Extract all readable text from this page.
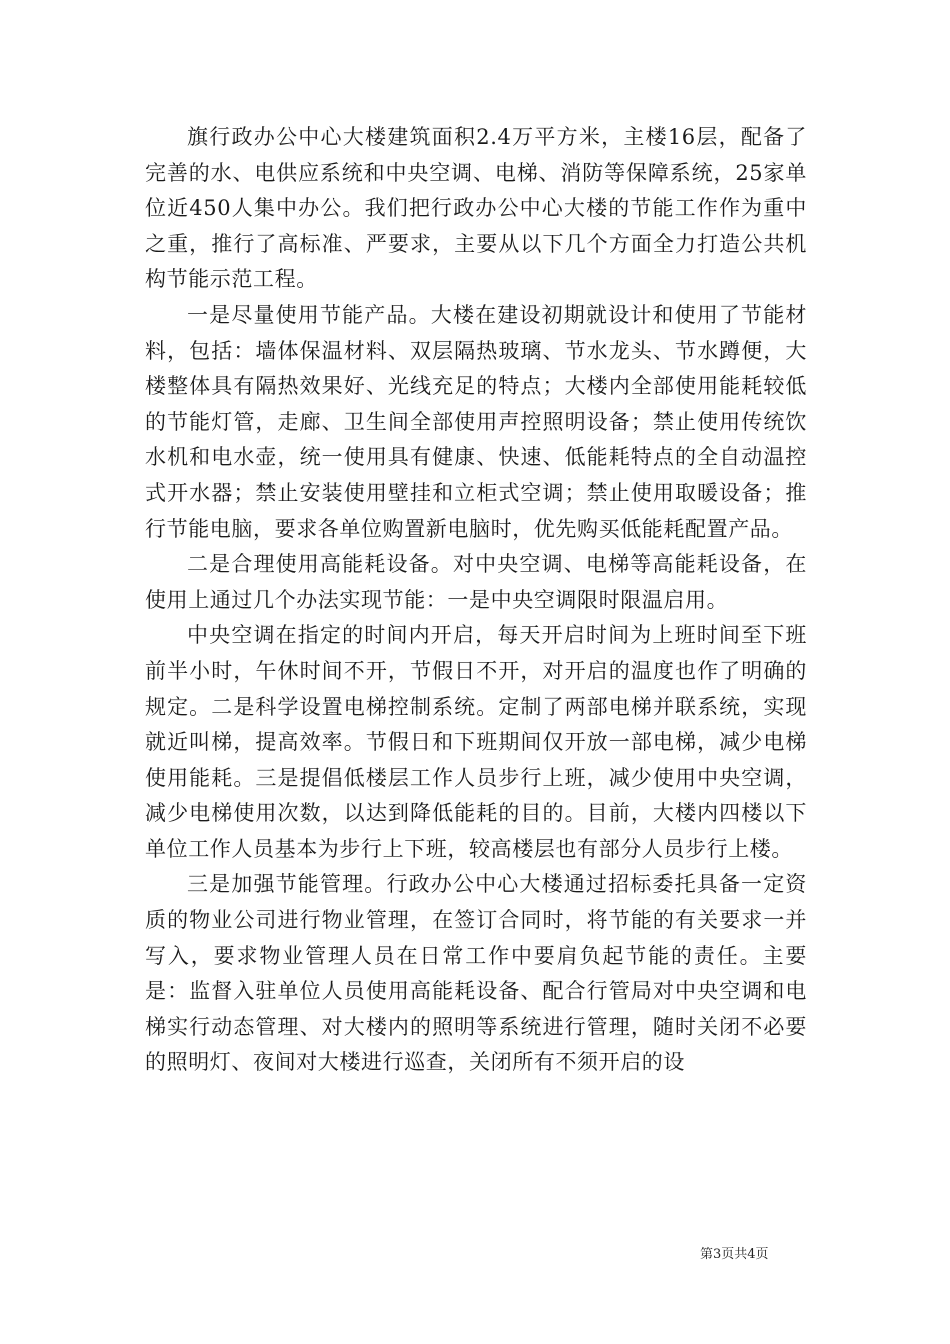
旗行政办公中心大楼建筑面积2.4万平方米，主楼16层，配备了完善的水、电供应系统和中央空调、电梯、消防等保障系统，25家单位近450人集中办公。我们把行政办公中心大楼的节能工作作为重中之重，推行了高标准、严要求，主要从以下几个方面全力打造公共机构节能示范工程。

一是尽量使用节能产品。大楼在建设初期就设计和使用了节能材料，包括：墙体保温材料、双层隔热玻璃、节水龙头、节水蹲便，大楼整体具有隔热效果好、光线充足的特点；大楼内全部使用能耗较低的节能灯管，走廊、卫生间全部使用声控照明设备；禁止使用传统饮水机和电水壶，统一使用具有健康、快速、低能耗特点的全自动温控式开水器；禁止安装使用壁挂和立柜式空调；禁止使用取暖设备；推行节能电脑，要求各单位购置新电脑时，优先购买低能耗配置产品。

二是合理使用高能耗设备。对中央空调、电梯等高能耗设备，在使用上通过几个办法实现节能：一是中央空调限时限温启用。

中央空调在指定的时间内开启，每天开启时间为上班时间至下班前半小时，午休时间不开，节假日不开，对开启的温度也作了明确的规定。二是科学设置电梯控制系统。定制了两部电梯并联系统，实现就近叫梯，提高效率。节假日和下班期间仅开放一部电梯，减少电梯使用能耗。三是提倡低楼层工作人员步行上班，减少使用中央空调，减少电梯使用次数，以达到降低能耗的目的。目前，大楼内四楼以下单位工作人员基本为步行上下班，较高楼层也有部分人员步行上楼。

三是加强节能管理。行政办公中心大楼通过招标委托具备一定资质的物业公司进行物业管理，在签订合同时，将节能的有关要求一并写入，要求物业管理人员在日常工作中要肩负起节能的责任。主要是：监督入驻单位人员使用高能耗设备、配合行管局对中央空调和电梯实行动态管理、对大楼内的照明等系统进行管理，随时关闭不必要的照明灯、夜间对大楼进行巡查，关闭所有不须开启的设

第3页共4页
